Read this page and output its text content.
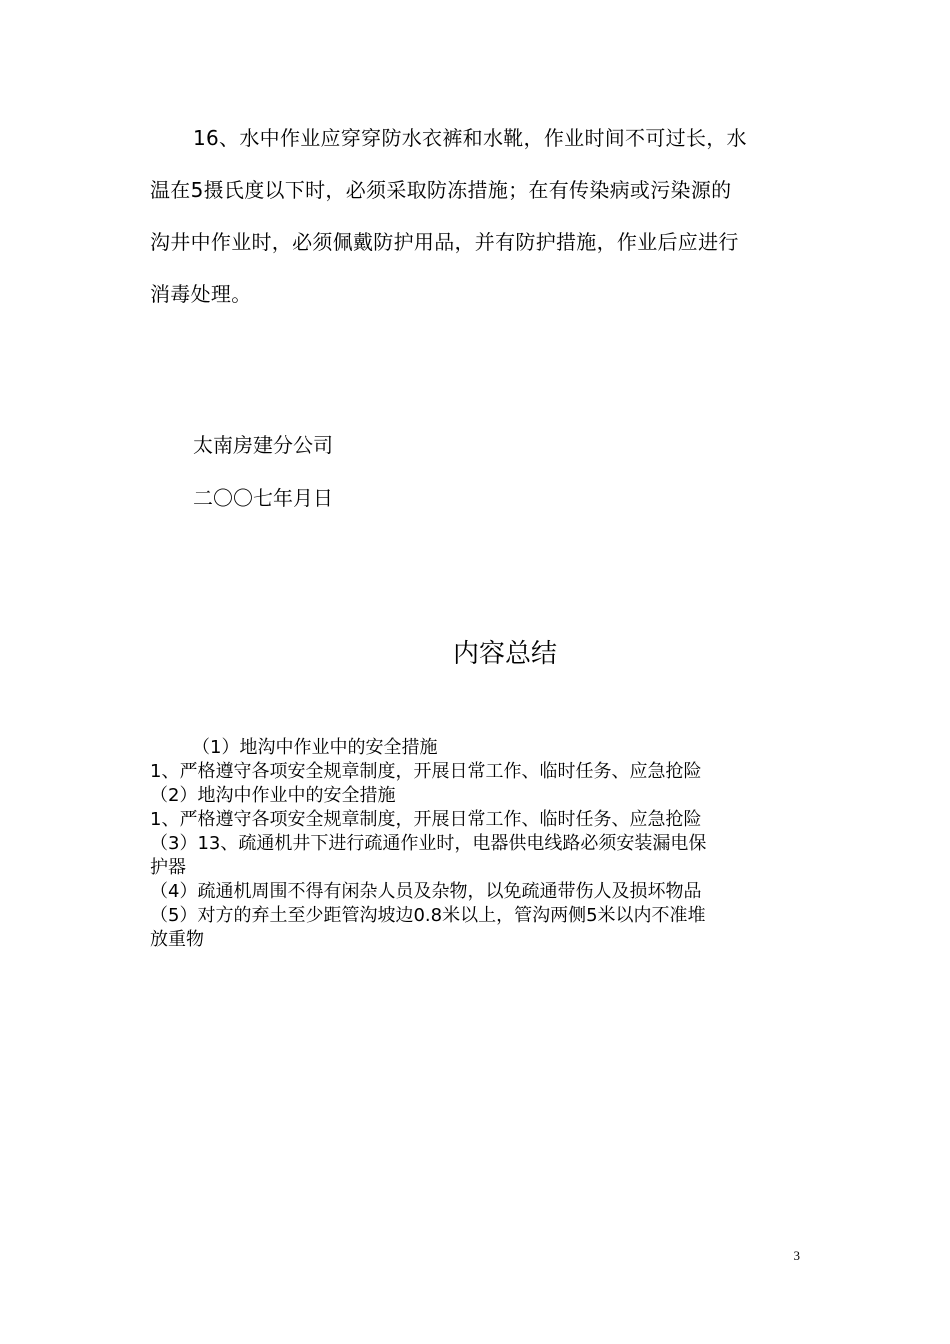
16、水中作业应穿穿防水衣裤和水靴，作业时间不可过长，水
温在5摄氏度以下时，必须采取防冻措施；在有传染病或污染源的
沟井中作业时，必须佩戴防护用品，并有防护措施，作业后应进行
消毒处理。
太南房建分公司
二〇〇七年月日
内容总结
（1）地沟中作业中的安全措施
1、严格遵守各项安全规章制度，开展日常工作、临时任务、应急抢险
（2）地沟中作业中的安全措施
1、严格遵守各项安全规章制度，开展日常工作、临时任务、应急抢险
（3）13、疏通机井下进行疏通作业时，电器供电线路必须安装漏电保
护器
（4）疏通机周围不得有闲杂人员及杂物，以免疏通带伤人及损坏物品
（5）对方的弃土至少距管沟坡边0.8米以上，管沟两侧5米以内不准堆
放重物
3
